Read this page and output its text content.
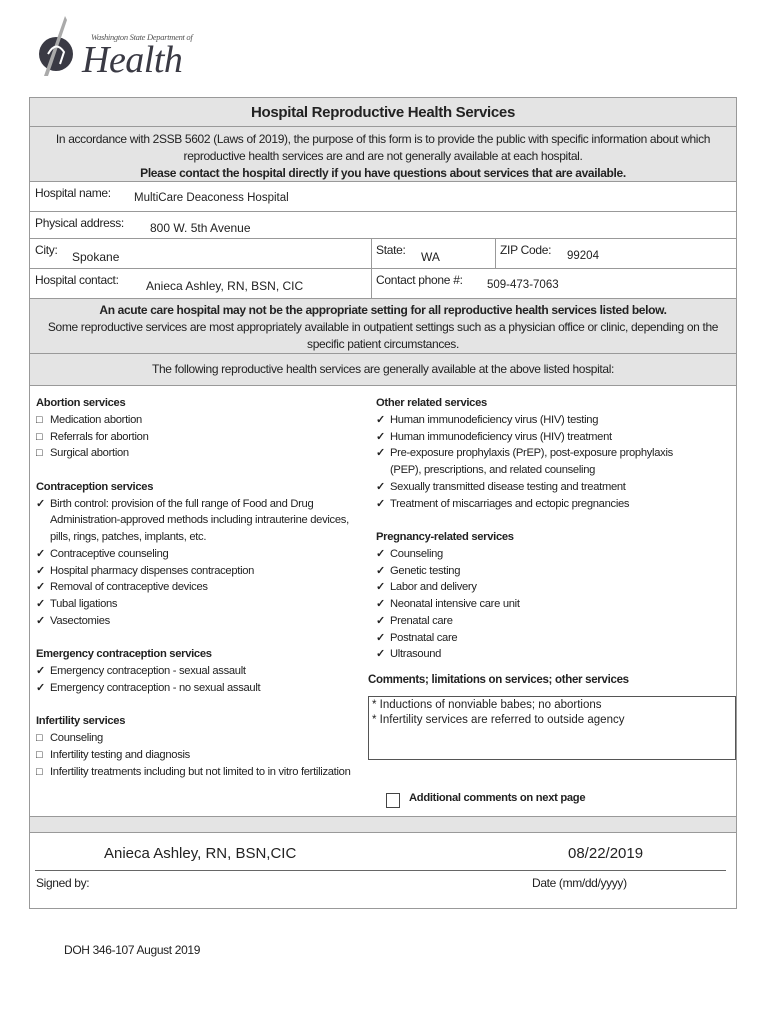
Washington State Department of
Health
Hospital Reproductive Health Services
In accordance with 2SSB 5602 (Laws of 2019), the purpose of this form is to provide the public with specific information about which reproductive health services are and are not generally available at each hospital.
Please contact the hospital directly if you have questions about services that are available.
Hospital name: MultiCare Deaconess Hospital
Physical address: 800 W. 5th Avenue
City: Spokane	State: WA	ZIP Code: 99204
Hospital contact: Anieca Ashley, RN, BSN, CIC	Contact phone #: 509-473-7063
An acute care hospital may not be the appropriate setting for all reproductive health services listed below.
Some reproductive services are most appropriately available in outpatient settings such as a physician office or clinic, depending on the specific patient circumstances.
The following reproductive health services are generally available at the above listed hospital:
Abortion services
□ Medication abortion
□ Referrals for abortion
□ Surgical abortion
Contraception services
✓ Birth control: provision of the full range of Food and Drug Administration-approved methods including intrauterine devices, pills, rings, patches, implants, etc.
✓ Contraceptive counseling
✓ Hospital pharmacy dispenses contraception
✓ Removal of contraceptive devices
✓ Tubal ligations
✓ Vasectomies
Emergency contraception services
✓ Emergency contraception - sexual assault
✓ Emergency contraception - no sexual assault
Infertility services
□ Counseling
□ Infertility testing and diagnosis
□ Infertility treatments including but not limited to in vitro fertilization
Other related services
✓ Human immunodeficiency virus (HIV) testing
✓ Human immunodeficiency virus (HIV) treatment
✓ Pre-exposure prophylaxis (PrEP), post-exposure prophylaxis (PEP), prescriptions, and related counseling
✓ Sexually transmitted disease testing and treatment
✓ Treatment of miscarriages and ectopic pregnancies
Pregnancy-related services
✓ Counseling
✓ Genetic testing
✓ Labor and delivery
✓ Neonatal intensive care unit
✓ Prenatal care
✓ Postnatal care
✓ Ultrasound
Comments; limitations on services; other services
* Inductions of nonviable babes; no abortions
* Infertility services are referred to outside agency
Additional comments on next page
Anieca Ashley, RN, BSN,CIC	08/22/2019
Signed by:	Date (mm/dd/yyyy)
DOH 346-107 August 2019
